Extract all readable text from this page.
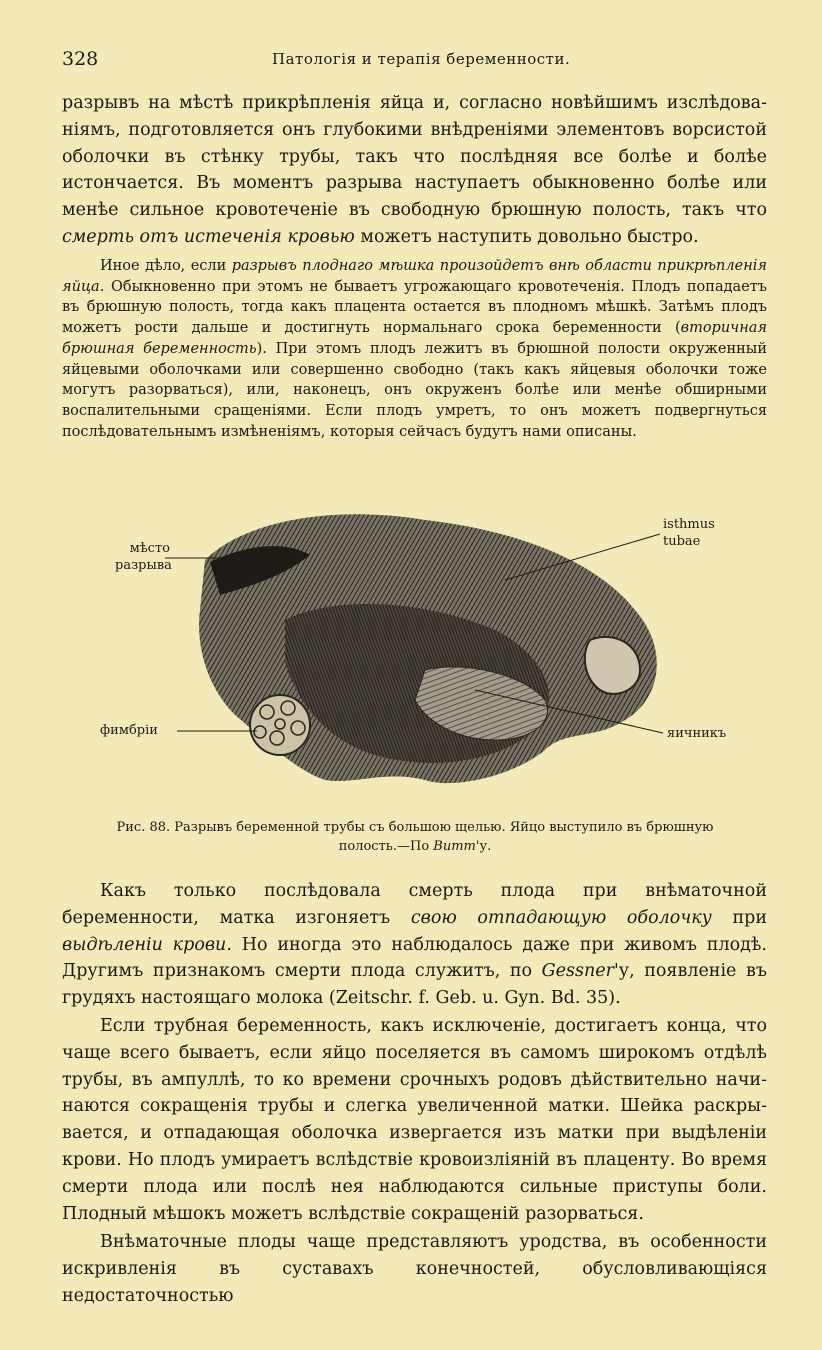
328	Патологія и терапія беременности.

разрывъ на мѣстѣ прикрѣпленія яйца и, согласно новѣйшимъ изслѣдованіямъ, подготовляется онъ глубокими внѣдреніями элементовъ ворсистой оболочки въ стѣнку трубы, такъ что послѣдняя все болѣе и болѣе истончается. Въ моментъ разрыва наступаетъ обыкновенно болѣе или менѣе сильное кровотеченіе въ свободную брюшную полость, такъ что смерть отъ истеченія кровью можетъ наступить довольно быстро.

Иное дѣло, если разрывъ плоднаго мѣшка произойдетъ внѣ области прикрѣпленія яйца. Обыкновенно при этомъ не бываетъ угрожающаго кровотеченія. Плодъ попадаетъ въ брюшную полость, тогда какъ плацента остается въ плодномъ мѣшкѣ. Затѣмъ плодъ можетъ рости дальше и достигнуть нормальнаго срока беременности (вторичная брюшная беременность). При этомъ плодъ лежитъ въ брюшной полости окруженный яйцевыми оболочками или совершенно свободно (такъ какъ яйцевыя оболочки тоже могутъ разорваться), или, наконецъ, онъ окруженъ болѣе или менѣе обширными воспалительными сращеніями. Если плодъ умретъ, то онъ можетъ подвергнуться послѣдовательнымъ измѣненіямъ, которыя сейчасъ будутъ нами описаны.

мѣсто
разрыва
isthmus
tubae
фимбріи	яичникъ

Рис. 88. Разрывъ беременной трубы съ большою щелью. Яйцо выступило въ брюшную полость.—По Витт'у.

Какъ только послѣдовала смерть плода при внѣматочной беременности, матка изгоняетъ свою отпадающую оболочку при выдѣленіи крови. Но иногда это наблюдалось даже при живомъ плодѣ. Другимъ признакомъ смерти плода служитъ, по Gessner'у, появленіе въ грудяхъ настоящаго молока (Zeitschr. f. Geb. u. Gyn. Bd. 35).

Если трубная беременность, какъ исключеніе, достигаетъ конца, что чаще всего бываетъ, если яйцо поселяется въ самомъ широкомъ отдѣлѣ трубы, въ ампуллѣ, то ко времени срочныхъ родовъ дѣйствительно начинаются сокращенія трубы и слегка увеличенной матки. Шейка раскрывается, и отпадающая оболочка извергается изъ матки при выдѣленіи крови. Но плодъ умираетъ вслѣдствіе кровоизліяній въ плаценту. Во время смерти плода или послѣ нея наблюдаются сильные приступы боли. Плодный мѣшокъ можетъ вслѣдствіе сокращеній разорваться.

Внѣматочные плоды чаще представляютъ уродства, въ особенности искривленія въ суставахъ конечностей, обусловливающіяся недостаточностью
